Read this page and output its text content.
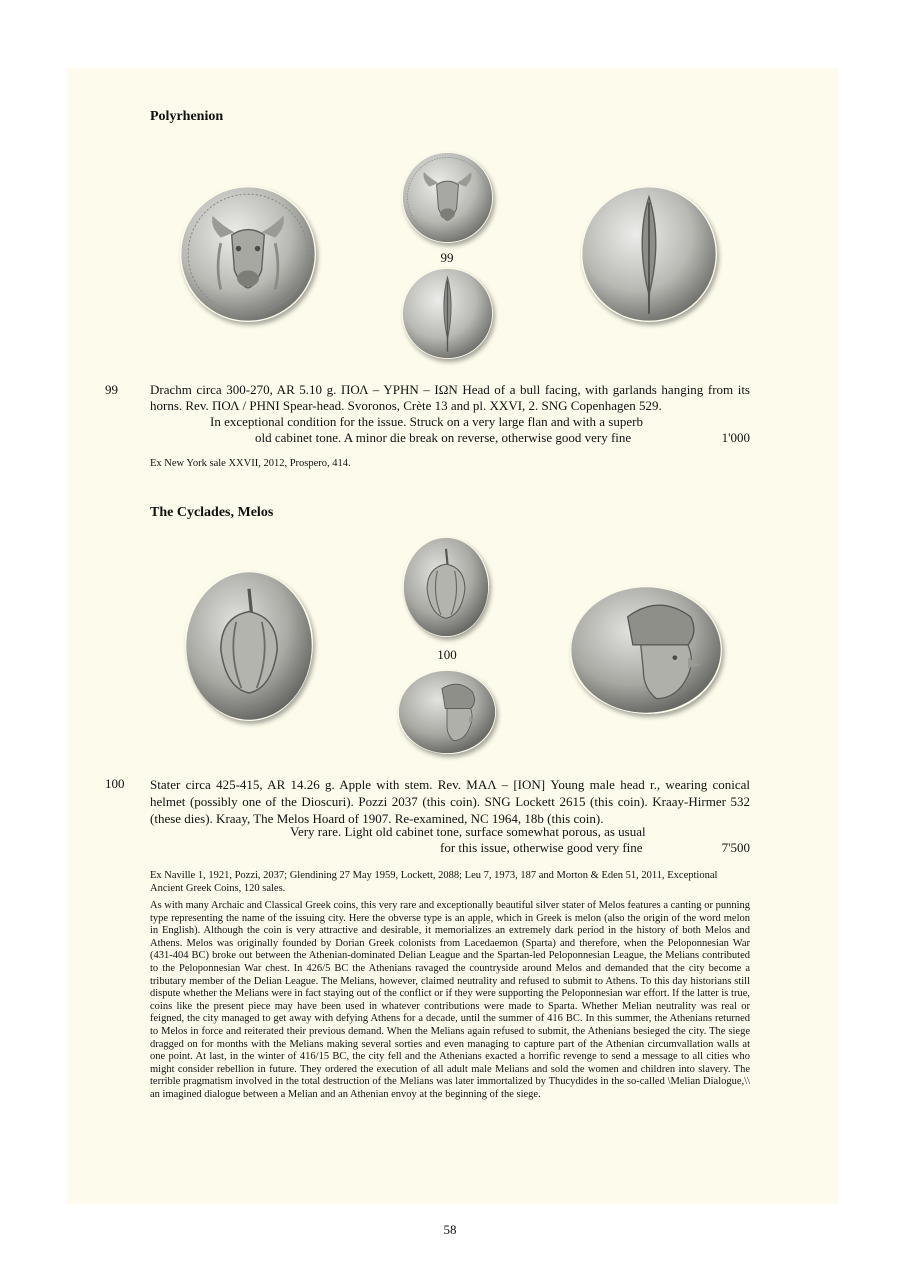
Polyrhenion
99
99 Drachm circa 300-270, AR 5.10 g. ΠΟΛ – ΥΡΗΝ – ΙΩΝ Head of a bull facing, with garlands hanging from its horns. Rev. ΠΟΛ / ΡΗΝΙ Spear-head. Svoronos, Crète 13 and pl. XXVI, 2. SNG Copenhagen 529.
In exceptional condition for the issue. Struck on a very large flan and with a superb
old cabinet tone. A minor die break on reverse, otherwise good very fine	1'000
Ex New York sale XXVII, 2012, Prospero, 414.
The Cyclades, Melos
100
100 Stater circa 425-415, AR 14.26 g. Apple with stem. Rev. ΜΑΛ – [ΙΟΝ] Young male head r., wearing conical helmet (possibly one of the Dioscuri). Pozzi 2037 (this coin). SNG Lockett 2615 (this coin). Kraay-Hirmer 532 (these dies). Kraay, The Melos Hoard of 1907. Re-examined, NC 1964, 18b (this coin).
Very rare. Light old cabinet tone, surface somewhat porous, as usual
for this issue, otherwise good very fine	7'500
Ex Naville 1, 1921, Pozzi, 2037; Glendining 27 May 1959, Lockett, 2088; Leu 7, 1973, 187 and Morton & Eden 51, 2011, Exceptional Ancient Greek Coins, 120 sales.
As with many Archaic and Classical Greek coins, this very rare and exceptionally beautiful silver stater of Melos features a canting or punning type representing the name of the issuing city. Here the obverse type is an apple, which in Greek is melon (also the origin of the word melon in English). Although the coin is very attractive and desirable, it memorializes an extremely dark period in the history of both Melos and Athens. Melos was originally founded by Dorian Greek colonists from Lacedaemon (Sparta) and therefore, when the Peloponnesian War (431-404 BC) broke out between the Athenian-dominated Delian League and the Spartan-led Peloponnesian League, the Melians contributed to the Peloponnesian War chest. In 426/5 BC the Athenians ravaged the countryside around Melos and demanded that the city become a tributary member of the Delian League. The Melians, however, claimed neutrality and refused to submit to Athens. To this day historians still dispute whether the Melians were in fact staying out of the conflict or if they were supporting the Peloponnesian war effort. If the latter is true, coins like the present piece may have been used in whatever contributions were made to Sparta. Whether Melian neutrality was real or feigned, the city managed to get away with defying Athens for a decade, until the summer of 416 BC. In this summer, the Athenians returned to Melos in force and reiterated their previous demand. When the Melians again refused to submit, the Athenians besieged the city. The siege dragged on for months with the Melians making several sorties and even managing to capture part of the Athenian circumvallation walls at one point. At last, in the winter of 416/15 BC, the city fell and the Athenians exacted a horrific revenge to send a message to all cities who might consider rebellion in future. They ordered the execution of all adult male Melians and sold the women and children into slavery. The terrible pragmatism involved in the total destruction of the Melians was later immortalized by Thucydides in the so-called \Melian Dialogue,\\ an imagined dialogue between a Melian and an Athenian envoy at the beginning of the siege.
58
